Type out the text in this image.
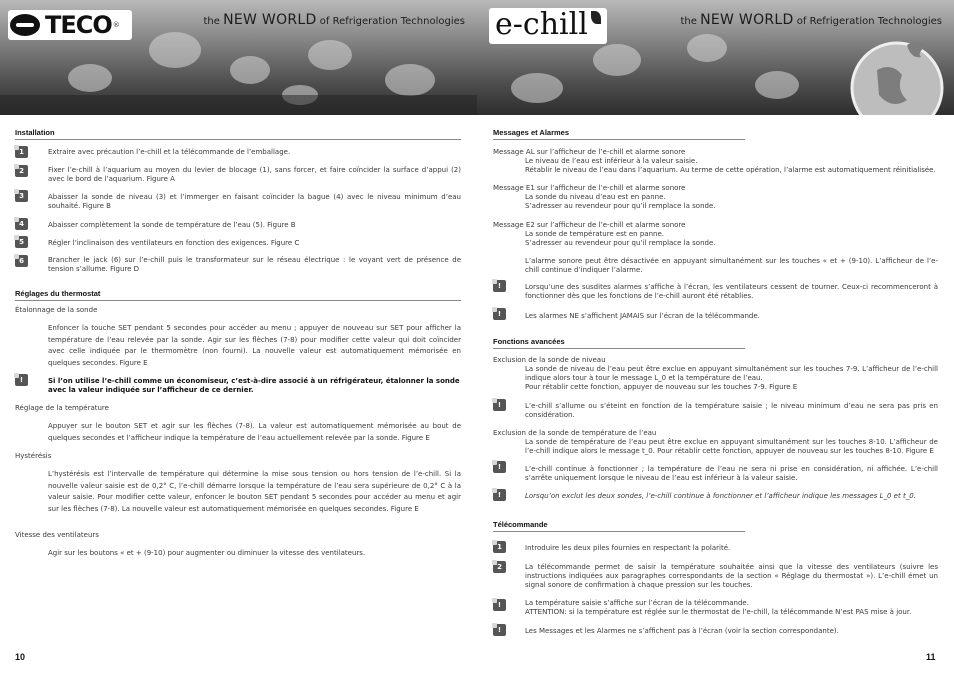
TECO ®	the NEW WORLD of Refrigeration Technologies e-chill	the NEW WORLD of Refrigeration Technologies
Installation
1	Extraire avec précaution l’e-chill et la télécommande de l’emballage.
2	Fixer l’e-chill à l’aquarium au moyen du levier de blocage (1), sans forcer, et faire coïncider la surface d’appui (2) avec le bord de l’aquarium. Figure A
3	Abaisser la sonde de niveau (3) et l’immerger en faisant coïncider la bague (4) avec le niveau minimum d’eau souhaité. Figure B
4	Abaisser complètement la sonde de température de l’eau (5). Figure B
5	Régler l’inclinaison des ventilateurs en fonction des exigences. Figure C
6	Brancher le jack (6) sur l’e-chill puis le transformateur sur le réseau électrique : le voyant vert de présence de tension s’allume. Figure D
Réglages du thermostat
Étalonnage de la sonde
Enfoncer la touche SET pendant 5 secondes pour accéder au menu ; appuyer de nouveau sur SET pour afficher la température de l’eau relevée par la sonde. Agir sur les flèches (7-8) pour modifier cette valeur qui doit coïncider avec celle indiquée par le thermomètre (non fourni). La nouvelle valeur est automatiquement mémorisée en quelques secondes. Figure E
!	Si l’on utilise l’e-chill comme un économiseur, c’est-à-dire associé à un réfrigérateur, étalonner la sonde avec la valeur indiquée sur l’afficheur de ce dernier.
Réglage de la température
Appuyer sur le bouton SET et agir sur les flèches (7-8). La valeur est automatiquement mémorisée au bout de quelques secondes et l’afficheur indique la température de l’eau actuellement relevée par la sonde. Figure E
Hystérésis
L’hystérésis est l’intervalle de température qui détermine la mise sous tension ou hors tension de l’e-chill. Si la nouvelle valeur saisie est de 0,2° C, l’e-chill démarre lorsque la température de l’eau sera supérieure de 0,2° C à la valeur saisie. Pour modifier cette valeur, enfoncer le bouton SET pendant 5 secondes pour accéder au menu et agir sur les flèches (7-8). La nouvelle valeur est automatiquement mémorisée en quelques secondes. Figure E
Vitesse des ventilateurs
Agir sur les boutons « et + (9-10) pour augmenter ou diminuer la vitesse des ventilateurs.
10
Messages et Alarmes
Message AL sur l’afficheur de l’e-chill et alarme sonore
Le niveau de l’eau est inférieur à la valeur saisie.
Rétablir le niveau de l’eau dans l’aquarium. Au terme de cette opération, l’alarme est automatiquement réinitialisée.
Message E1 sur l’afficheur de l’e-chill et alarme sonore
La sonde du niveau d’eau est en panne.
S’adresser au revendeur pour qu’il remplace la sonde.
Message E2 sur l’afficheur de l’e-chill et alarme sonore
La sonde de température est en panne.
S’adresser au revendeur pour qu’il remplace la sonde.
L’alarme sonore peut être désactivée en appuyant simultanément sur les touches « et + (9-10). L’afficheur de l’e-chill continue d’indiquer l’alarme.
!	Lorsqu’une des susdites alarmes s’affiche à l’écran, les ventilateurs cessent de tourner. Ceux-ci recommenceront à fonctionner dès que les fonctions de l’e-chill auront été rétablies.
!	Les alarmes NE s’affichent JAMAIS sur l’écran de la télécommande.
Fonctions avancées
Exclusion de la sonde de niveau
La sonde de niveau de l’eau peut être exclue en appuyant simultanément sur les touches 7-9. L’afficheur de l’e-chill indique alors tour à tour le message L_0 et la température de l’eau.
Pour rétablir cette fonction, appuyer de nouveau sur les touches 7-9. Figure E
!	L’e-chill s’allume ou s’éteint en fonction de la température saisie ; le niveau minimum d’eau ne sera pas pris en considération.
Exclusion de la sonde de température de l’eau
La sonde de température de l’eau peut être exclue en appuyant simultanément sur les touches 8-10. L’afficheur de l’e-chill indique alors le message t_0. Pour rétablir cette fonction, appuyer de nouveau sur les touches 8-10. Figure E
!	L’e-chill continue à fonctionner ; la température de l’eau ne sera ni prise en considération, ni affichée. L’e-chill s’arrête uniquement lorsque le niveau de l’eau est inférieur à la valeur saisie.
!	Lorsqu’on exclut les deux sondes, l’e-chill continue à fonctionner et l’afficheur indique les messages L_0 et t_0.
Télécommande
1	Introduire les deux piles fournies en respectant la polarité.
2	La télécommande permet de saisir la température souhaitée ainsi que la vitesse des ventilateurs (suivre les instructions indiquées aux paragraphes correspondants de la section « Réglage du thermostat »). L’e-chill émet un signal sonore de confirmation à chaque pression sur les touches.
!	La température saisie s’affiche sur l’écran de la télécommande.
ATTENTION: si la température est réglée sur le thermostat de l’e-chill, la télécommande N’est PAS mise à jour.
!	Les Messages et les Alarmes ne s’affichent pas à l’écran (voir la section correspondante).
11
